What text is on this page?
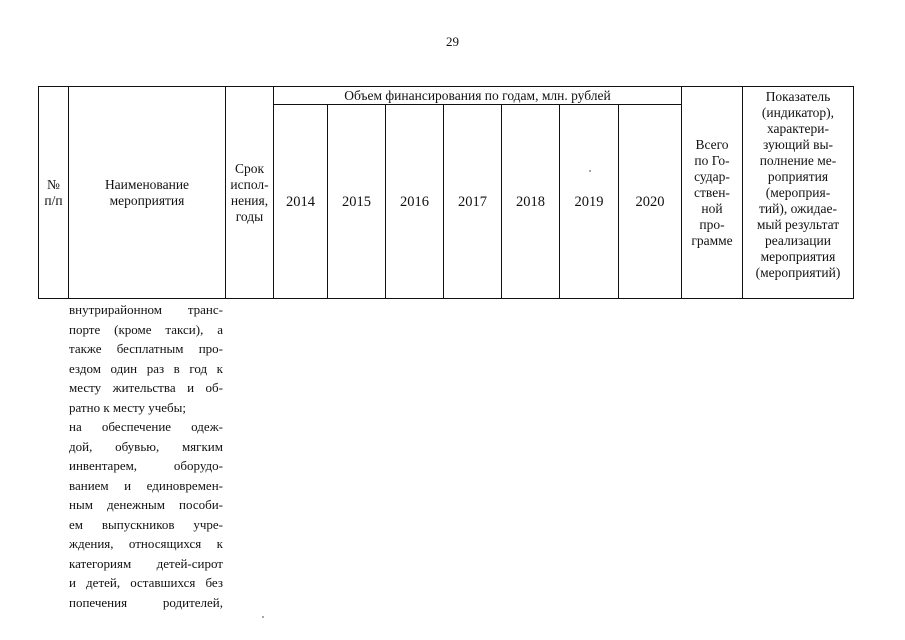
29
№
п/п
Наименование
мероприятия
Срок
испол-
нения,
годы
Объем финансирования по годам, млн. рублей
2014 2015 2016 2017 2018 2019 2020
Всего
по Го-
судар-
ствен-
ной
про-
грамме
Показатель
(индикатор),
характери-
зующий вы-
полнение ме-
роприятия
(мероприя-
тий), ожидае-
мый результат
реализации
мероприятия
(мероприятий)
внутрирайонном транс-
порте (кроме такси), а
также бесплатным про-
ездом один раз в год к
месту жительства и об-
ратно к месту учебы;
на обеспечение одеж-
дой, обувью, мягким
инвентарем, оборудо-
ванием и единовремен-
ным денежным пособи-
ем выпускников учре-
ждения, относящихся к
категориям детей-сирот
и детей, оставшихся без
попечения родителей,
